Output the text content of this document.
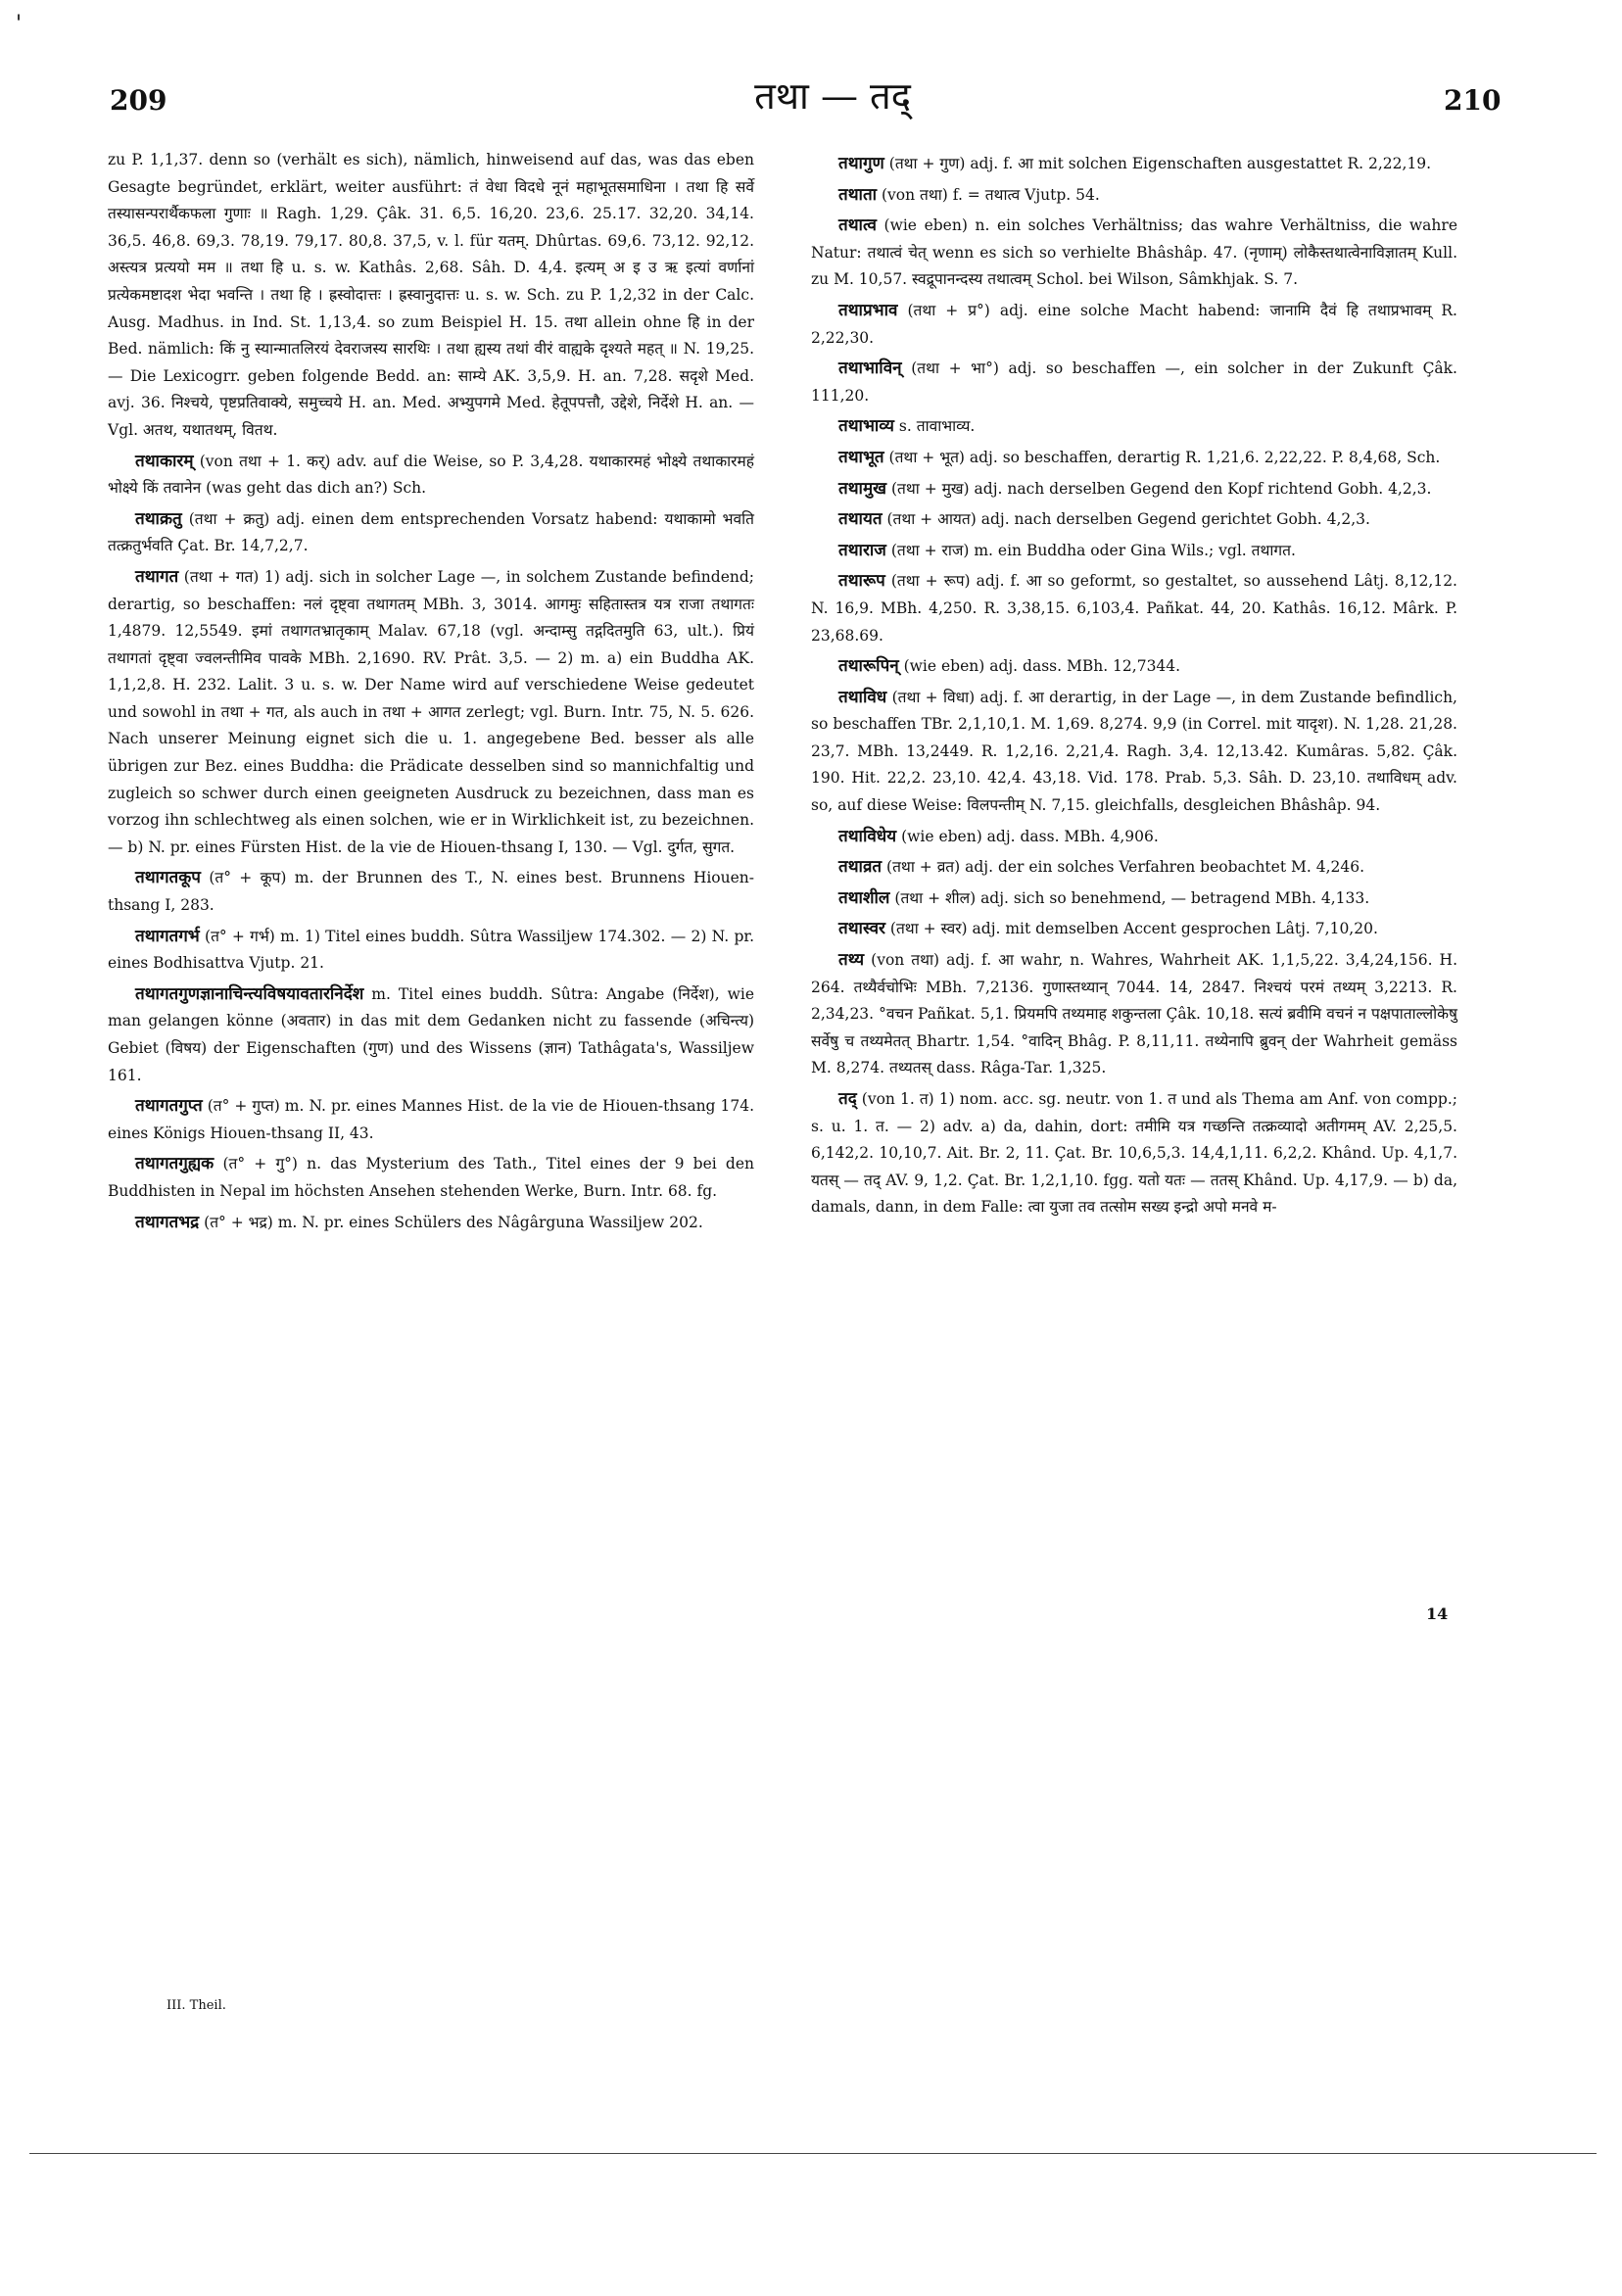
'
209	तथा — तद्	210

zu P. 1,1,37. denn so (verhält es sich), nämlich, hinweisend auf das, was das eben Gesagte begründet, erklärt, weiter ausführt: तं वेधा विदधे नूनं महाभूतसमाधिना । तथा हि सर्वे तस्यासन्परार्थैकफला गुणाः ॥ Ragh. 1,29. Çâk. 31. 6,5. 16,20. 23,6. 25.17. 32,20. 34,14. 36,5. 46,8. 69,3. 78,19. 79,17. 80,8. 37,5, v. l. für यतम्. Dhûrtas. 69,6. 73,12. 92,12. अस्त्यत्र प्रत्ययो मम ॥ तथा हि u. s. w. Kathâs. 2,68. Sâh. D. 4,4. इत्यम् अ इ उ ऋ इत्यां वर्णानां प्रत्येकमष्टादश भेदा भवन्ति । तथा हि । ह्रस्वोदात्तः । ह्रस्वानुदात्तः u. s. w. Sch. zu P. 1,2,32 in der Calc. Ausg. Madhus. in Ind. St. 1,13,4. so zum Beispiel H. 15. तथा allein ohne हि in der Bed. nämlich: किं नु स्यान्मातलिरयं देवराजस्य सारथिः । तथा ह्यस्य तथां वीरं वाह्यके दृश्यते महत् ॥ N. 19,25. — Die Lexicogrr. geben folgende Bedd. an: साम्ये AK. 3,5,9. H. an. 7,28. सदृशे Med. avj. 36. निश्चये, पृष्टप्रतिवाक्ये, समुच्चये H. an. Med. अभ्युपगमे Med. हेतूपपत्तौ, उद्देशे, निर्देशे H. an. — Vgl. अतथ, यथातथम्, वितथ.

तथाकारम् (von तथा + 1. कर्) adv. auf die Weise, so P. 3,4,28. यथाकारमहं भोक्ष्ये तथाकारमहं भोक्ष्ये किं तवानेन (was geht das dich an?) Sch.

तथाक्रतु (तथा + क्रतु) adj. einen dem entsprechenden Vorsatz habend: यथाकामो भवति तत्क्रतुर्भवति Çat. Br. 14,7,2,7.

तथागत (तथा + गत) 1) adj. sich in solcher Lage —, in solchem Zustande befindend; derartig, so beschaffen: नलं दृष्ट्वा तथागतम् MBh. 3, 3014. आगमुः सहितास्तत्र यत्र राजा तथागतः 1,4879. 12,5549. इमां तथागतभ्रातृकाम् Malav. 67,18 (vgl. अन्दाम्सु तद्गदितमुति 63, ult.). प्रियं तथागतां दृष्ट्वा ज्वलन्तीमिव पावके MBh. 2,1690. RV. Prât. 3,5. — 2) m. a) ein Buddha AK. 1,1,2,8. H. 232. Lalit. 3 u. s. w. Der Name wird auf verschiedene Weise gedeutet und sowohl in तथा + गत, als auch in तथा + आगत zerlegt; vgl. Burn. Intr. 75, N. 5. 626. Nach unserer Meinung eignet sich die u. 1. angegebene Bed. besser als alle übrigen zur Bez. eines Buddha: die Prädicate desselben sind so mannichfaltig und zugleich so schwer durch einen geeigneten Ausdruck zu bezeichnen, dass man es vorzog ihn schlechtweg als einen solchen, wie er in Wirklichkeit ist, zu bezeichnen. — b) N. pr. eines Fürsten Hist. de la vie de Hiouen-thsang I, 130. — Vgl. दुर्गत, सुगत.

तथागतकूप (त° + कूप) m. der Brunnen des T., N. eines best. Brunnens Hiouen-thsang I, 283.

तथागतगर्भ (त° + गर्भ) m. 1) Titel eines buddh. Sûtra Wassiljew 174.302. — 2) N. pr. eines Bodhisattva Vjutp. 21.

तथागतगुणज्ञानाचिन्त्यविषयावतारनिर्देश m. Titel eines buddh. Sûtra: Angabe (निर्देश), wie man gelangen könne (अवतार) in das mit dem Gedanken nicht zu fassende (अचिन्त्य) Gebiet (विषय) der Eigenschaften (गुण) und des Wissens (ज्ञान) Tathâgata's, Wassiljew 161.

तथागतगुप्त (त° + गुप्त) m. N. pr. eines Mannes Hist. de la vie de Hiouen-thsang 174. eines Königs Hiouen-thsang II, 43.

तथागतगुह्यक (त° + गु°) n. das Mysterium des Tath., Titel eines der 9 bei den Buddhisten in Nepal im höchsten Ansehen stehenden Werke, Burn. Intr. 68. fg.

तथागतभद्र (त° + भद्र) m. N. pr. eines Schülers des Nâgârguna Wassiljew 202.

तथागुण (तथा + गुण) adj. f. आ mit solchen Eigenschaften ausgestattet R. 2,22,19.

तथाता (von तथा) f. = तथात्व Vjutp. 54.

तथात्व (wie eben) n. ein solches Verhältniss; das wahre Verhältniss, die wahre Natur: तथात्वं चेत् wenn es sich so verhielte Bhâshâp. 47. (नृणाम्) लोकैस्तथात्वेनाविज्ञातम् Kull. zu M. 10,57. स्वद्रूपानन्दस्य तथात्वम् Schol. bei Wilson, Sâmkhjak. S. 7.

तथाप्रभाव (तथा + प्र°) adj. eine solche Macht habend: जानामि दैवं हि तथाप्रभावम् R. 2,22,30.

तथाभाविन् (तथा + भा°) adj. so beschaffen —, ein solcher in der Zukunft Çâk. 111,20.

तथाभाव्य s. तावाभाव्य.

तथाभूत (तथा + भूत) adj. so beschaffen, derartig R. 1,21,6. 2,22,22. P. 8,4,68, Sch.

तथामुख (तथा + मुख) adj. nach derselben Gegend den Kopf richtend Gobh. 4,2,3.

तथायत (तथा + आयत) adj. nach derselben Gegend gerichtet Gobh. 4,2,3.

तथाराज (तथा + राज) m. ein Buddha oder Gina Wils.; vgl. तथागत.

तथारूप (तथा + रूप) adj. f. आ so geformt, so gestaltet, so aussehend Lâtj. 8,12,12. N. 16,9. MBh. 4,250. R. 3,38,15. 6,103,4. Pañkat. 44, 20. Kathâs. 16,12. Mârk. P. 23,68.69.

तथारूपिन् (wie eben) adj. dass. MBh. 12,7344.

तथाविध (तथा + विधा) adj. f. आ derartig, in der Lage —, in dem Zustande befindlich, so beschaffen TBr. 2,1,10,1. M. 1,69. 8,274. 9,9 (in Correl. mit यादृश). N. 1,28. 21,28. 23,7. MBh. 13,2449. R. 1,2,16. 2,21,4. Ragh. 3,4. 12,13.42. Kumâras. 5,82. Çâk. 190. Hit. 22,2. 23,10. 42,4. 43,18. Vid. 178. Prab. 5,3. Sâh. D. 23,10. तथाविधम् adv. so, auf diese Weise: विलपन्तीम् N. 7,15. gleichfalls, desgleichen Bhâshâp. 94.

तथाविधेय (wie eben) adj. dass. MBh. 4,906.

तथाव्रत (तथा + व्रत) adj. der ein solches Verfahren beobachtet M. 4,246.

तथाशील (तथा + शील) adj. sich so benehmend, — betragend MBh. 4,133.

तथास्वर (तथा + स्वर) adj. mit demselben Accent gesprochen Lâtj. 7,10,20.

तथ्य (von तथा) adj. f. आ wahr, n. Wahres, Wahrheit AK. 1,1,5,22. 3,4,24,156. H. 264. तथ्यैर्वचोभिः MBh. 7,2136. गुणास्तथ्यान् 7044. 14, 2847. निश्चयं परमं तथ्यम् 3,2213. R. 2,34,23. °वचन Pañkat. 5,1. प्रियमपि तथ्यमाह शकुन्तला Çâk. 10,18. सत्यं ब्रवीमि वचनं न पक्षपाताल्लोकेषु सर्वेषु च तथ्यमेतत् Bhartr. 1,54. °वादिन् Bhâg. P. 8,11,11. तथ्येनापि ब्रुवन् der Wahrheit gemäss M. 8,274. तथ्यतस् dass. Râga-Tar. 1,325.

तद् (von 1. त) 1) nom. acc. sg. neutr. von 1. त und als Thema am Anf. von compp.; s. u. 1. त. — 2) adv. a) da, dahin, dort: तमीमि यत्र गच्छन्ति तत्क्रव्यादो अतीगमम् AV. 2,25,5. 6,142,2. 10,10,7. Ait. Br. 2, 11. Çat. Br. 10,6,5,3. 14,4,1,11. 6,2,2. Khând. Up. 4,1,7. यतस् — तद् AV. 9, 1,2. Çat. Br. 1,2,1,10. fgg. यतो यतः — ततस् Khând. Up. 4,17,9. — b) da, damals, dann, in dem Falle: त्वा युजा तव तत्सोम सख्य इन्द्रो अपो मनवे म-

14
III. Theil.
